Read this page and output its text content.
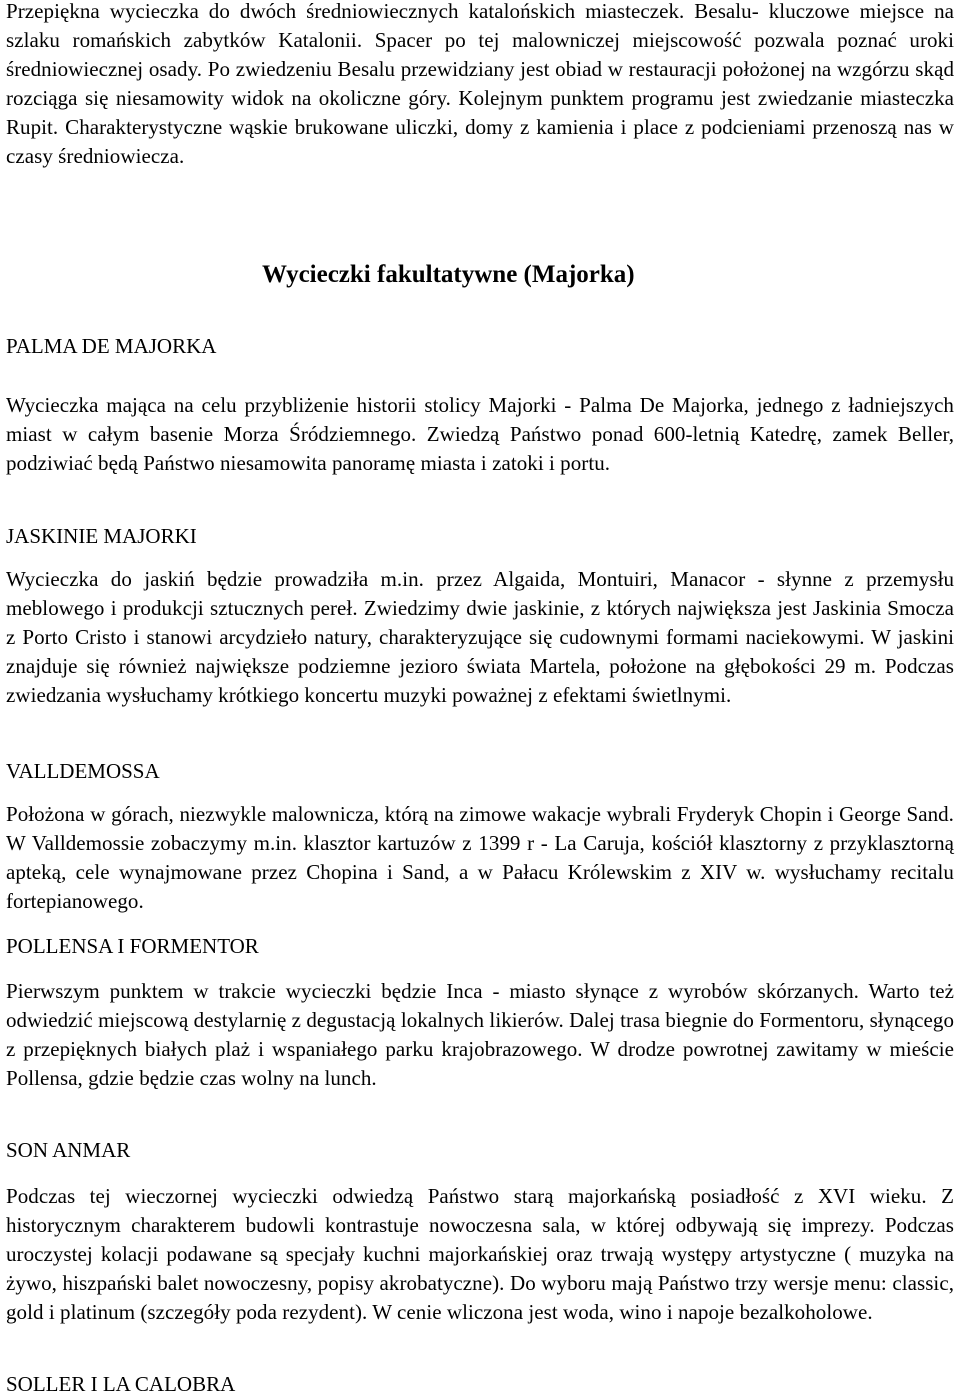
Przepiękna wycieczka do dwóch średniowiecznych katalońskich miasteczek. Besalu- kluczowe miejsce na szlaku romańskich zabytków Katalonii. Spacer po tej malowniczej miejscowość pozwala poznać uroki średniowiecznej osady. Po zwiedzeniu Besalu przewidziany jest obiad w restauracji położonej na wzgórzu skąd rozciąga się niesamowity widok na okoliczne góry. Kolejnym punktem programu jest zwiedzanie miasteczka Rupit. Charakterystyczne wąskie brukowane uliczki, domy z kamienia i place z podcieniami przenoszą nas w czasy średniowiecza.

Wycieczki fakultatywne (Majorka)
PALMA DE MAJORKA

Wycieczka mająca na celu przybliżenie historii stolicy Majorki - Palma De Majorka, jednego z ładniejszych miast w całym basenie Morza Śródziemnego. Zwiedzą Państwo ponad 600-letnią Katedrę, zamek Beller, podziwiać będą Państwo niesamowita panoramę miasta i zatoki i portu.

JASKINIE MAJORKI

Wycieczka do jaskiń będzie prowadziła m.in. przez Algaida, Montuiri, Manacor - słynne z przemysłu meblowego i produkcji sztucznych pereł. Zwiedzimy dwie jaskinie, z których największa jest Jaskinia Smocza z Porto Cristo i stanowi arcydzieło natury, charakteryzujące się cudownymi formami naciekowymi. W jaskini znajduje się również największe podziemne jezioro świata Martela, położone na głębokości 29 m. Podczas zwiedzania wysłuchamy krótkiego koncertu muzyki poważnej z efektami świetlnymi.

VALLDEMOSSA

Położona w górach, niezwykle malownicza, którą na zimowe wakacje wybrali Fryderyk Chopin i George Sand. W Valldemossie zobaczymy m.in. klasztor kartuzów z 1399 r - La Caruja, kościół klasztorny z przyklasztorną apteką, cele wynajmowane przez Chopina i Sand, a w Pałacu Królewskim z XIV w. wysłuchamy recitalu fortepianowego.

POLLENSA I FORMENTOR

Pierwszym punktem w trakcie wycieczki będzie Inca - miasto słynące z wyrobów skórzanych. Warto też odwiedzić miejscową destylarnię z degustacją lokalnych likierów. Dalej trasa biegnie do Formentoru, słynącego z przepięknych białych plaż i wspaniałego parku krajobrazowego. W drodze powrotnej zawitamy w mieście Pollensa, gdzie będzie czas wolny na lunch.

SON ANMAR

Podczas tej wieczornej wycieczki odwiedzą Państwo starą majorkańską posiadłość z XVI wieku. Z historycznym charakterem budowli kontrastuje nowoczesna sala, w której odbywają się imprezy. Podczas uroczystej kolacji podawane są specjały kuchni majorkańskiej oraz trwają występy artystyczne ( muzyka na żywo, hiszpański balet nowoczesny, popisy akrobatyczne). Do wyboru mają Państwo trzy wersje menu: classic, gold i platinum (szczegóły poda rezydent). W cenie wliczona jest woda, wino i napoje bezalkoholowe.

SOLLER I LA CALOBRA
